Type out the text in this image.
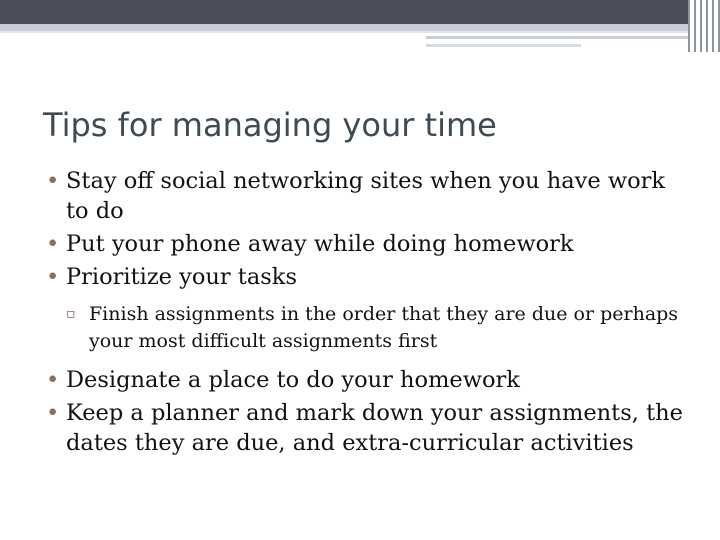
Tips for managing your time
• Stay off social networking sites when you have work to do
• Put your phone away while doing homework
• Prioritize your tasks
▫ Finish assignments in the order that they are due or perhaps your most difficult assignments first
• Designate a place to do your homework
• Keep a planner and mark down your assignments, the dates they are due, and extra-curricular activities
